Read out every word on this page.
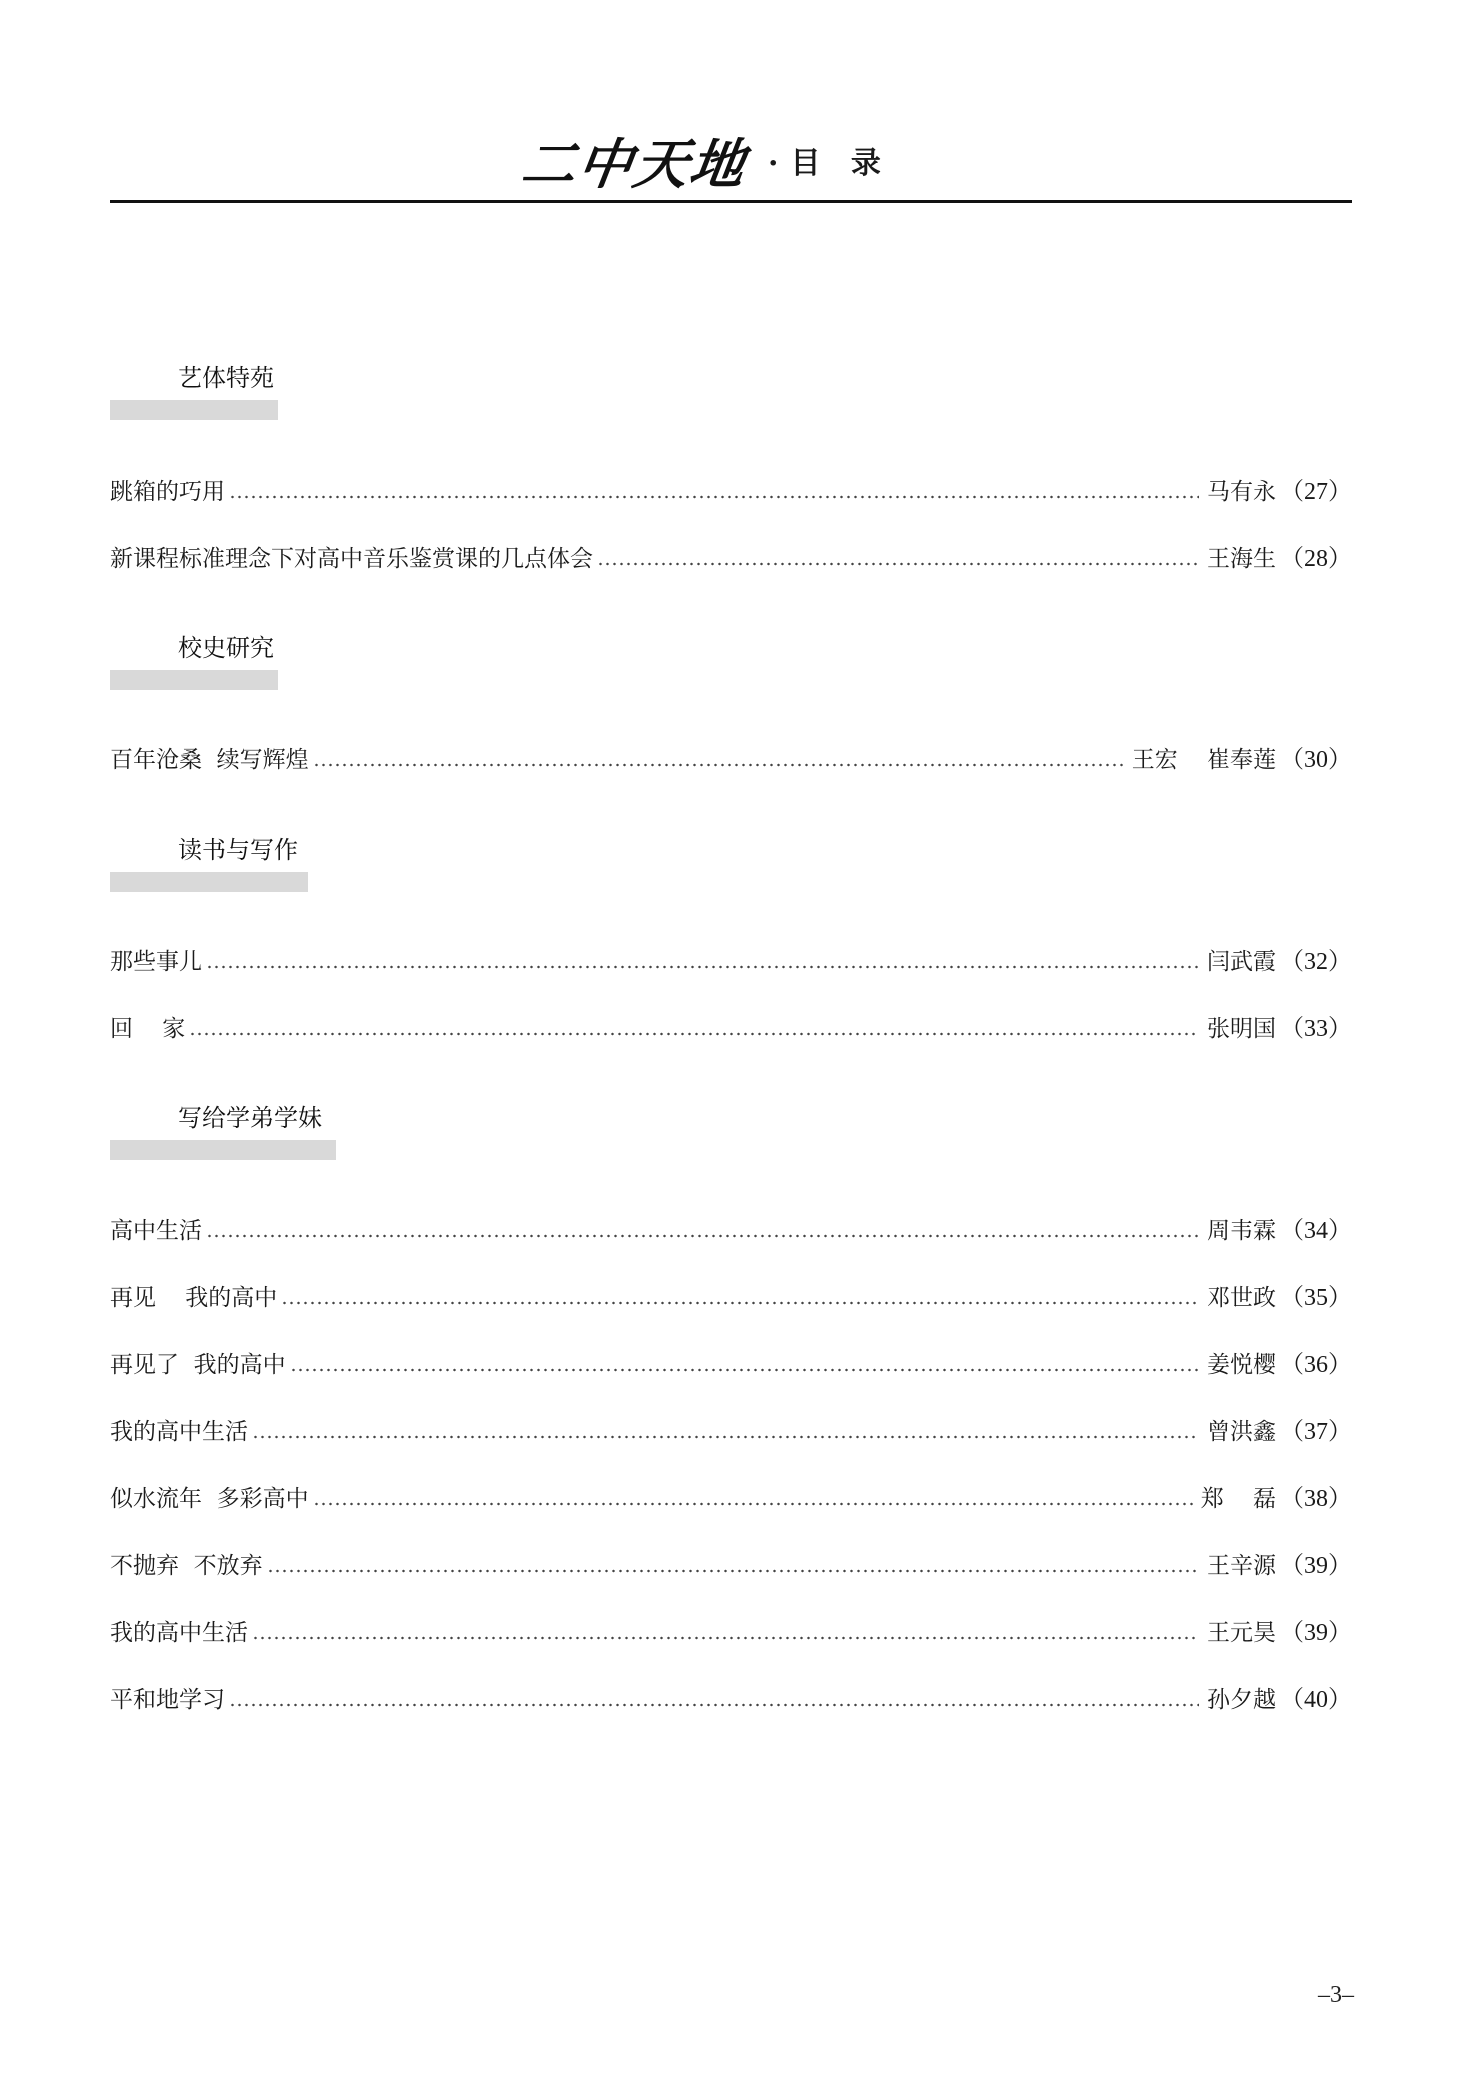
二中天地 · 目 录
艺体特苑
跳箱的巧用	马有永 （27）
新课程标准理念下对高中音乐鉴赏课的几点体会	王海生 （28）
校史研究
百年沧桑  续写辉煌	王宏    崔奉莲 （30）
读书与写作
那些事儿	闫武霞 （32）
回    家	张明国 （33）
写给学弟学妹
高中生活	周韦霖 （34）
再见    我的高中	邓世政 （35）
再见了  我的高中	姜悦樱 （36）
我的高中生活	曾洪鑫 （37）
似水流年  多彩高中	郑    磊 （38）
不抛弃  不放弃	王辛源 （39）
我的高中生活	王元昊 （39）
平和地学习	孙夕越 （40）
–3–
